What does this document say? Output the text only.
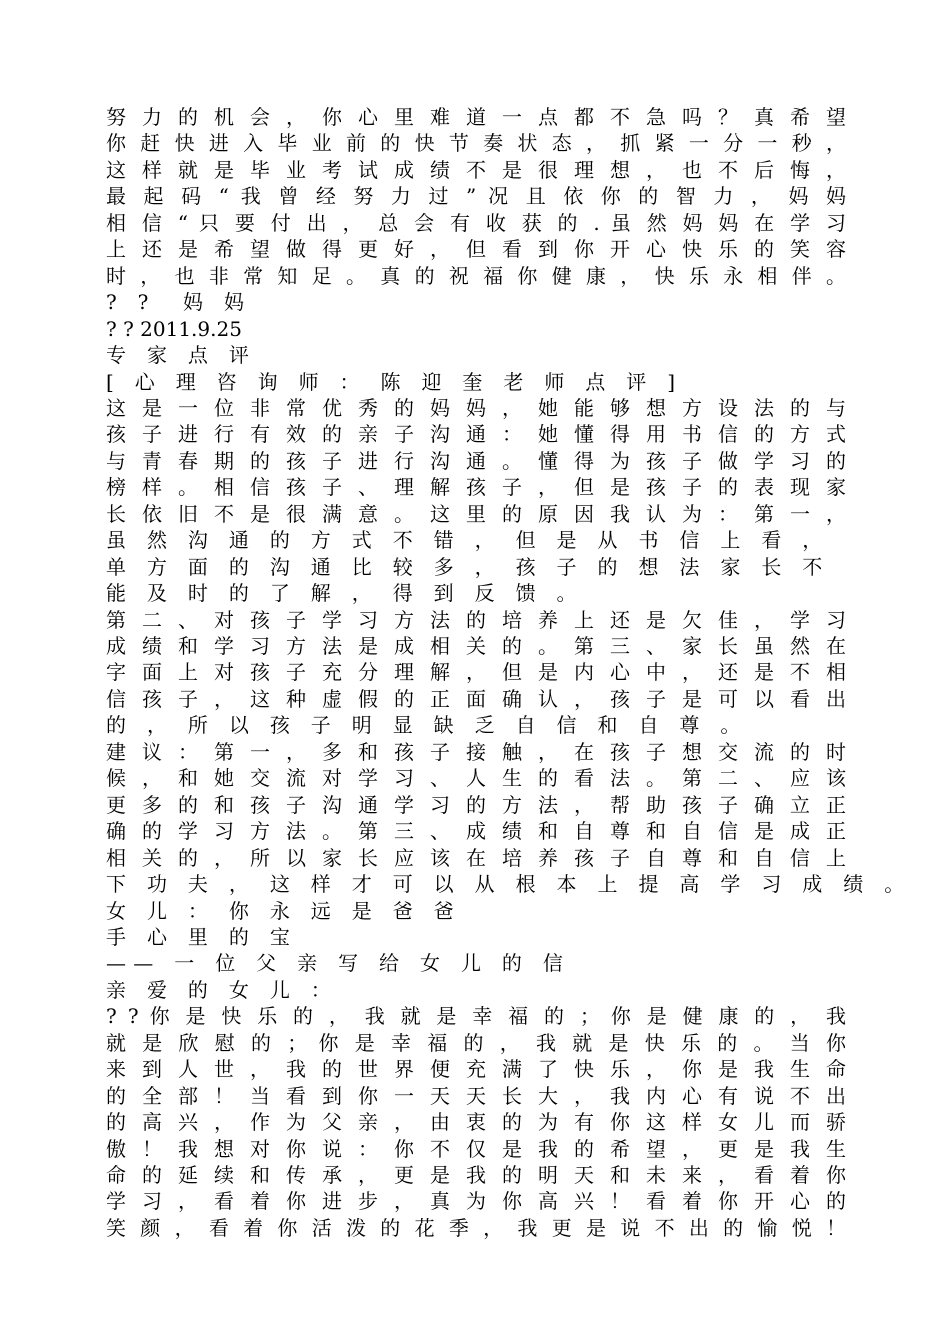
努 力 的 机 会 ， 你 心 里 难 道 一 点 都 不 急 吗 ？ 真 希 望
你 赶 快 进 入 毕 业 前 的 快 节 奏 状 态 ， 抓 紧 一 分 一 秒 ，
这 样 就 是 毕 业 考 试 成 绩 不 是 很 理 想 ， 也 不 后 悔 ，
最 起 码 “ 我 曾 经 努 力 过 ” 况 且 依 你 的 智 力 ， 妈 妈
相 信 “ 只 要 付 出 ， 总 会 有 收 获 的 . 虽 然 妈 妈 在 学 习
上 还 是 希 望 做 得 更 好 ， 但 看 到 你 开 心 快 乐 的 笑 容
时 ， 也 非 常 知 足 。 真 的 祝 福 你 健 康 ， 快 乐 永 相 伴 。
? ?  妈 妈
? ? 2011.9.25
专 家 点 评
[ 心 理 咨 询 师 ： 陈 迎 奎 老 师 点 评 ]
这 是 一 位 非 常 优 秀 的 妈 妈 ， 她 能 够 想 方 设 法 的 与
孩 子 进 行 有 效 的 亲 子 沟 通 ： 她 懂 得 用 书 信 的 方 式
与 青 春 期 的 孩 子 进 行 沟 通 。 懂 得 为 孩 子 做 学 习 的
榜 样 。 相 信 孩 子 、 理 解 孩 子 ， 但 是 孩 子 的 表 现 家
长 依 旧 不 是 很 满 意 。 这 里 的 原 因 我 认 为 ： 第 一 ，
虽 然 沟 通 的 方 式 不 错 ， 但 是 从 书 信 上 看 ，
单 方 面 的 沟 通 比 较 多 ， 孩 子 的 想 法 家 长 不
能 及 时 的 了 解 ， 得 到 反 馈 。
第 二 、 对 孩 子 学 习 方 法 的 培 养 上 还 是 欠 佳 ， 学 习
成 绩 和 学 习 方 法 是 成 相 关 的 。 第 三 、 家 长 虽 然 在
字 面 上 对 孩 子 充 分 理 解 ， 但 是 内 心 中 ， 还 是 不 相
信 孩 子 ， 这 种 虚 假 的 正 面 确 认 ， 孩 子 是 可 以 看 出
的 ， 所 以 孩 子 明 显 缺 乏 自 信 和 自 尊 。
建 议 ： 第 一 ， 多 和 孩 子 接 触 ， 在 孩 子 想 交 流 的 时
候 ， 和 她 交 流 对 学 习 、 人 生 的 看 法 。 第 二 、 应 该
更 多 的 和 孩 子 沟 通 学 习 的 方 法 ， 帮 助 孩 子 确 立 正
确 的 学 习 方 法 。 第 三 、 成 绩 和 自 尊 和 自 信 是 成 正
相 关 的 ， 所 以 家 长 应 该 在 培 养 孩 子 自 尊 和 自 信 上
下 功 夫 ， 这 样 才 可 以 从 根 本 上 提 高 学 习 成 绩 。
女 儿 ： 你 永 远 是 爸 爸
手 心 里 的 宝
—— 一 位 父 亲 写 给 女 儿 的 信
亲 爱 的 女 儿 ：
? ? 你 是 快 乐 的 ， 我 就 是 幸 福 的 ； 你 是 健 康 的 ， 我
就 是 欣 慰 的 ； 你 是 幸 福 的 ， 我 就 是 快 乐 的 。 当 你
来 到 人 世 ， 我 的 世 界 便 充 满 了 快 乐 ， 你 是 我 生 命
的 全 部 ！ 当 看 到 你 一 天 天 长 大 ， 我 内 心 有 说 不 出
的 高 兴 ， 作 为 父 亲 ， 由 衷 的 为 有 你 这 样 女 儿 而 骄
傲 ！ 我 想 对 你 说 ： 你 不 仅 是 我 的 希 望 ， 更 是 我 生
命 的 延 续 和 传 承 ， 更 是 我 的 明 天 和 未 来 ， 看 着 你
学 习 ， 看 着 你 进 步 ， 真 为 你 高 兴 ！ 看 着 你 开 心 的
笑 颜 ， 看 着 你 活 泼 的 花 季 ， 我 更 是 说 不 出 的 愉 悦 ！
